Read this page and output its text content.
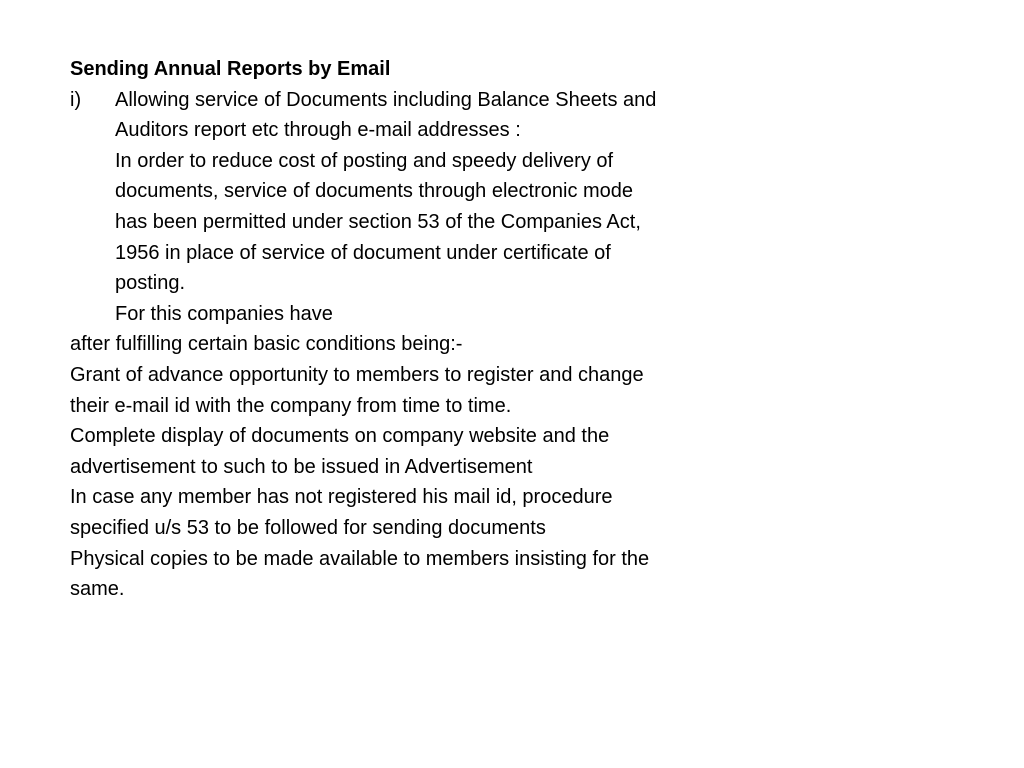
Sending Annual Reports by Email
i)	Allowing service of Documents including Balance Sheets and
Auditors report etc through e-mail addresses :
In order to reduce cost of posting and speedy delivery of
documents, service of documents through electronic mode
has been permitted under section 53 of the Companies Act,
1956 in place of service of document under certificate of
posting.
For this companies have
after fulfilling certain basic conditions being:-
Grant of advance opportunity to members to register and change
their e-mail id with the company from time to time.
Complete display of documents on company website and the
advertisement to such to be issued in Advertisement
In case any member has not registered his mail id, procedure
specified u/s 53 to be followed for sending documents
Physical copies to be made available to members insisting for the
same.
